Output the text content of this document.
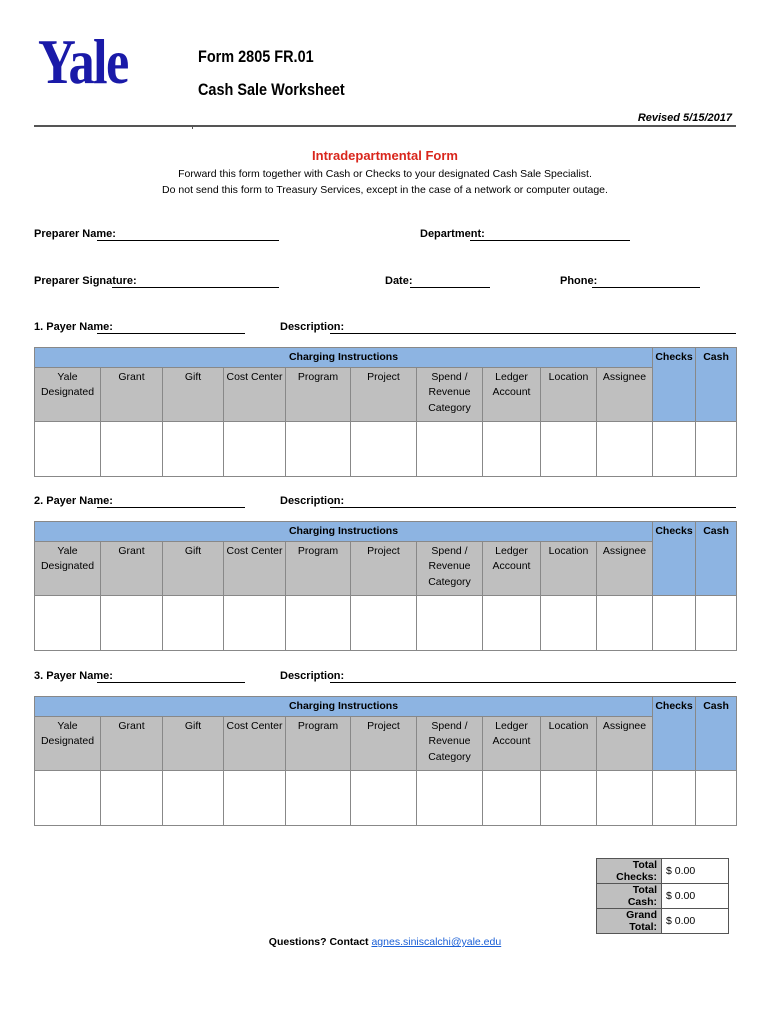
Yale	Form 2805 FR.01
Cash Sale Worksheet
Revised 5/15/2017
Intradepartmental Form
Forward this form together with Cash or Checks to your designated Cash Sale Specialist.
Do not send this form to Treasury Services, except in the case of a network or computer outage.
Preparer Name:	Department:
Preparer Signature:	Date:	Phone:
1. Payer Name:	Description:
Charging Instructions										Checks	Cash
Yale Designated	Grant	Gift	Cost Center	Program	Project	Spend / Revenue Category	Ledger Account	Location	Assignee		

2. Payer Name:	Description:
Charging Instructions										Checks	Cash
Yale Designated	Grant	Gift	Cost Center	Program	Project	Spend / Revenue Category	Ledger Account	Location	Assignee		

3. Payer Name:	Description:
Charging Instructions										Checks	Cash
Yale Designated	Grant	Gift	Cost Center	Program	Project	Spend / Revenue Category	Ledger Account	Location	Assignee		

Total Checks:	$ 0.00
Total Cash:	$ 0.00
Grand Total:	$ 0.00
Questions? Contact agnes.siniscalchi@yale.edu
